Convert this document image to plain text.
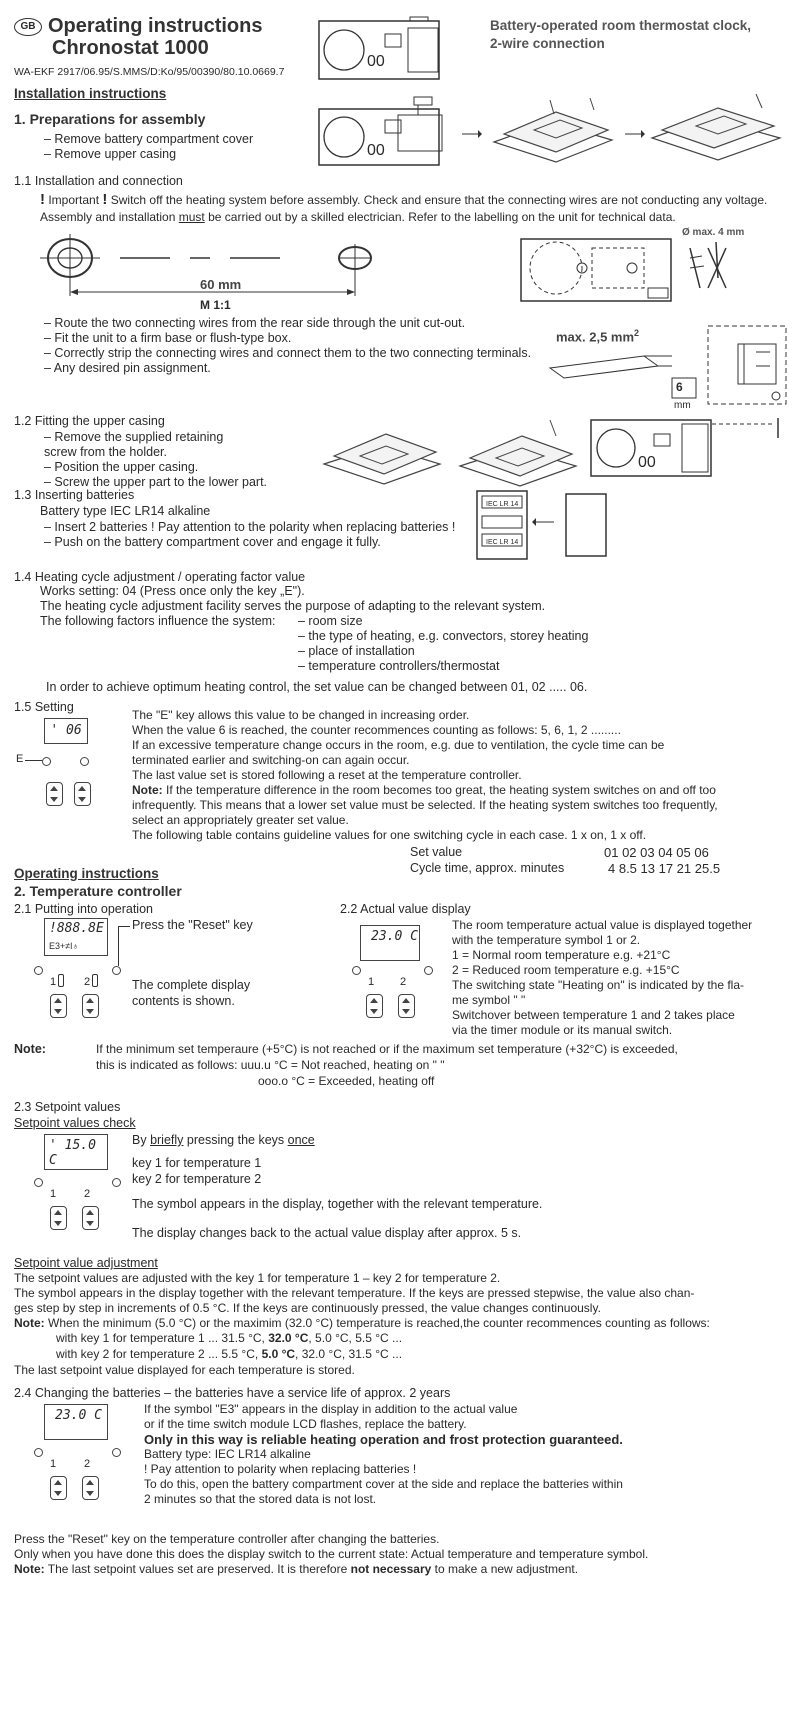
GB Operating instructions
Chronostat 1000
WA-EKF 2917/06.95/S.MMS/D:Ko/95/00390/80.10.0669.7
Battery-operated room thermostat clock,
2-wire connection
00
Installation instructions
1. Preparations for assembly
– Remove battery compartment cover
– Remove upper casing	00
1.1 Installation and connection
! Important ! Switch off the heating system before assembly. Check and ensure that the connecting wires are not conducting any voltage.
Assembly and installation must be carried out by a skilled electrician. Refer to the labelling on the unit for technical data.
Ø max. 4 mm
60 mm
M 1:1
max. 2,5 $mm^2$
6
mm
– Route the two connecting wires from the rear side through the unit cut-out.
– Fit the unit to a firm base or flush-type box.
– Correctly strip the connecting wires and connect them to the two connecting terminals.
– Any desired pin assignment.
1.2 Fitting the upper casing
– Remove the supplied retaining
screw from the holder.
– Position the upper casing.
– Screw the upper part to the lower part.
00
1.3 Inserting batteries
Battery type IEC LR14 alkaline
– Insert 2 batteries ! Pay attention to the polarity when replacing batteries !
– Push on the battery compartment cover and engage it fully.
IEC LR 14
IEC LR 14
1.4 Heating cycle adjustment / operating factor value
Works setting: 04 (Press once only the key „E").
The heating cycle adjustment facility serves the purpose of adapting to the relevant system.
The following factors influence the system:	– room size
– the type of heating, e.g. convectors, storey heating
– place of installation
– temperature controllers/thermostat
In order to achieve optimum heating control, the set value can be changed between 01, 02 ..... 06.
1.5 Setting
' 06
E
The "E" key allows this value to be changed in increasing order.
When the value 6 is reached, the counter recommences counting as follows: 5, 6, 1, 2 .........
If an excessive temperature change occurs in the room, e.g. due to ventilation, the cycle time can be
terminated earlier and switching-on can again occur.
The last value set is stored following a reset at the temperature controller.
Note: If the temperature difference in the room becomes too great, the heating system switches on and off too
infrequently. This means that a lower set value must be selected. If the heating system switches too frequently,
select an appropriately greater set value.
The following table contains guideline values for one switching cycle in each case. 1 x on, 1 x off.
Set value	01 02 03 04 05 06
Cycle time, approx. minutes	4 8.5 13 17 21 25.5
Operating instructions
2. Temperature controller
2.1 Putting into operation
!888.8E
E3+≠l♁
1	2
Press the "Reset" key
The complete display
contents is shown.
2.2 Actual value display
23.0 C
1 2
The room temperature actual value is displayed together
with the temperature symbol 1 or 2.
1 = Normal room temperature e.g. +21°C
2 = Reduced room temperature e.g. +15°C
The switching state "Heating on" is indicated by the fla-
me symbol " "
Switchover between temperature 1 and 2 takes place
via the timer module or its manual switch.
Note:	If the minimum set temperaure (+5°C) is not reached or if the maximum set temperature (+32°C) is exceeded,
this is indicated as follows: uuu.u °C = Not reached, heating on " "
ooo.o °C = Exceeded, heating off
2.3 Setpoint values
Setpoint values check
' 15.0 C
1	2
By briefly pressing the keys once
key 1 for temperature 1
key 2 for temperature 2
The symbol appears in the display, together with the relevant temperature.
The display changes back to the actual value display after approx. 5 s.
Setpoint value adjustment
The setpoint values are adjusted with the key 1 for temperature 1 – key 2 for temperature 2.
The symbol appears in the display together with the relevant temperature. If the keys are pressed stepwise, the value also chan-
ges step by step in increments of 0.5 °C. If the keys are continuously pressed, the value changes continuously.
Note: When the minimum (5.0 °C) or the maximim (32.0 °C) temperature is reached,the counter recommences counting as follows:
with key 1 for temperature 1 ... 31.5 °C, 32.0 °C, 5.0 °C, 5.5 °C ...
with key 2 for temperature 2 ... 5.5 °C, 5.0 °C, 32.0 °C, 31.5 °C ...
The last setpoint value displayed for each temperature is stored.
2.4 Changing the batteries – the batteries have a service life of approx. 2 years
23.0 C
1	2
If the symbol "E3" appears in the display in addition to the actual value
or if the time switch module LCD flashes, replace the battery.
Only in this way is reliable heating operation and frost protection guaranteed.
Battery type: IEC LR14 alkaline
! Pay attention to polarity when replacing batteries !
To do this, open the battery compartment cover at the side and replace the batteries within
2 minutes so that the stored data is not lost.
Press the "Reset" key on the temperature controller after changing the batteries.
Only when you have done this does the display switch to the current state: Actual temperature and temperature symbol.
Note: The last setpoint values set are preserved. It is therefore not necessary to make a new adjustment.
